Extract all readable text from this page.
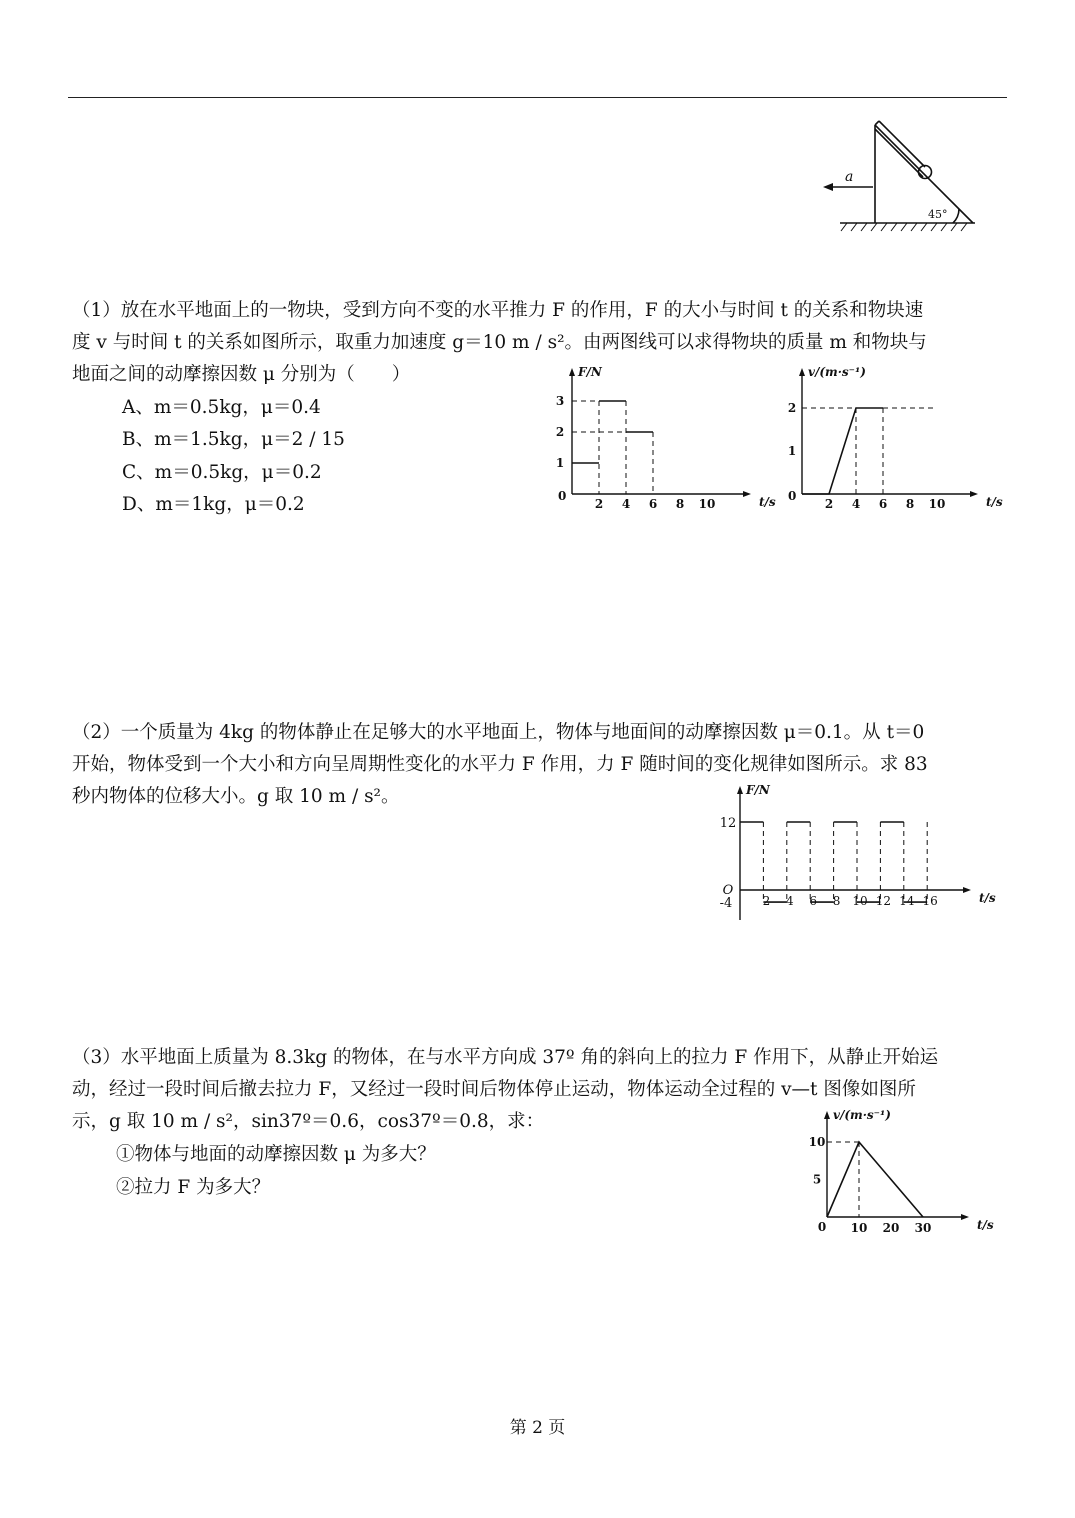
a
45°

（1）放在水平地面上的一物块，受到方向不变的水平推力 F 的作用，F 的大小与时间 t 的关系和物块速
度 v 与时间 t 的关系如图所示，取重力加速度 g＝10 m / s²。由两图线可以求得物块的质量 m 和物块与
地面之间的动摩擦因数 μ 分别为（　　）

A、m＝0.5kg，μ＝0.4
B、m＝1.5kg，μ＝2 / 15
C、m＝0.5kg，μ＝0.2
D、m＝1kg，μ＝0.2
F/N
t/s
0
2 4 6 8 10
1
2
3
v/(m·s⁻¹)
t/s
0
2 4 6 8 10
1
2

（2）一个质量为 4kg 的物体静止在足够大的水平地面上，物体与地面间的动摩擦因数 μ＝0.1。从 t＝0
开始，物体受到一个大小和方向呈周期性变化的水平力 F 作用，力 F 随时间的变化规律如图所示。求 83
秒内物体的位移大小。g 取 10 m / s²。	F/N
t/s
O
12
-4	2 4 6 8 10 12 14 16

（3）水平地面上质量为 8.3kg 的物体，在与水平方向成 37º 角的斜向上的拉力 F 作用下，从静止开始运
动，经过一段时间后撤去拉力 F，又经过一段时间后物体停止运动，物体运动全过程的 v—t 图像如图所
示，g 取 10 m / s²，sin37º＝0.6，cos37º＝0.8，求：

①物体与地面的动摩擦因数 μ 为多大？
②拉力 F 为多大？
v/(m·s⁻¹)
t/s
0 10 20 30
5
10
第 2 页
